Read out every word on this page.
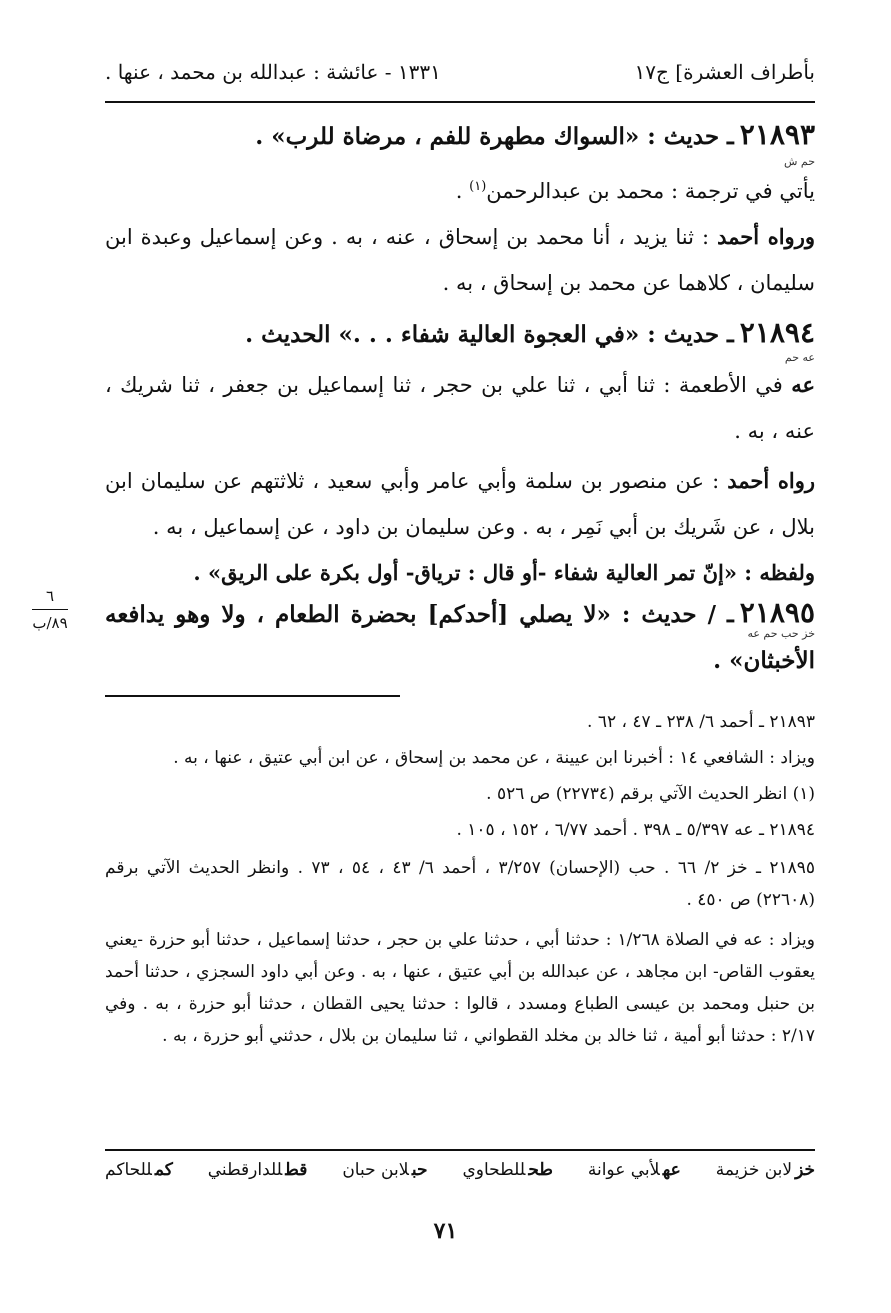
بأطراف العشرة] ج١٧
١٣٣١ - عائشة : عبدالله بن محمد ، عنها .
٢١٨٩٣ـ حديث : «السواك مطهرة للفم ، مرضاة للرب» .
حم ش
يأتي في ترجمة : محمد بن عبدالرحمن$^{(١)}$ .
ورواه أحمد : ثنا يزيد ، أنا محمد بن إسحاق ، عنه ، به . وعن إسماعيل وعبدة ابن سليمان ، كلاهما عن محمد بن إسحاق ، به .
٢١٨٩٤ـ حديث : «في العجوة العالية شفاء . . .» الحديث .
عه حم
عه في الأطعمة : ثنا أبي ، ثنا علي بن حجر ، ثنا إسماعيل بن جعفر ، ثنا شريك ، عنه ، به .
رواه أحمد : عن منصور بن سلمة وأبي عامر وأبي سعيد ، ثلاثتهم عن سليمان ابن بلال ، عن شَريك بن أبي نَمِر ، به . وعن سليمان بن داود ، عن إسماعيل ، به .
ولفظه : «إنّ تمر العالية شفاء -أو قال : ترياق- أول بكرة على الريق» .
٢١٨٩٥ـ / حديث : «لا يصلي [أحدكم] بحضرة الطعام ، ولا وهو يدافعه الأخبثان» .
خز حب حم عه
٦
٨٩/ب

٢١٨٩٣ ـ أحمد ٦/ ٢٣٨ ـ ٤٧ ، ٦٢ .

ويزاد : الشافعي ١٤ : أخبرنا ابن عيينة ، عن محمد بن إسحاق ، عن ابن أبي عتيق ، عنها ، به .

(١) انظر الحديث الآتي برقم (٢٢٧٣٤) ص ٥٢٦ .

٢١٨٩٤ ـ عه ٥/٣٩٧ ـ ٣٩٨ . أحمد ٦/٧٧ ، ١٥٢ ، ١٠٥ .

٢١٨٩٥ ـ خز ٢/ ٦٦ . حب (الإحسان) ٣/٢٥٧ ، أحمد ٦/ ٤٣ ، ٥٤ ، ٧٣ . وانظر الحديث الآتي برقم (٢٢٦٠٨) ص ٤٥٠ .

ويزاد : عه في الصلاة ١/٢٦٨ : حدثنا أبي ، حدثنا علي بن حجر ، حدثنا إسماعيل ، حدثنا أبو حزرة -يعني يعقوب القاص- ابن مجاهد ، عن عبدالله بن أبي عتيق ، عنها ، به . وعن أبي داود السجزي ، حدثنا أحمد بن حنبل ومحمد بن عيسى الطباع ومسدد ، قالوا : حدثنا يحيى القطان ، حدثنا أبو حزرة ، به . وفي ٢/١٧ : حدثنا أبو أمية ، ثنا خالد بن مخلد القطواني ، ثنا سليمان بن بلال ، حدثني أبو حزرة ، به .

خزلابن خزيمة
عهلأبي عوانة
طحللطحاوي
حبلابن حبان
قطللدارقطني
كمللحاكم
٧١
